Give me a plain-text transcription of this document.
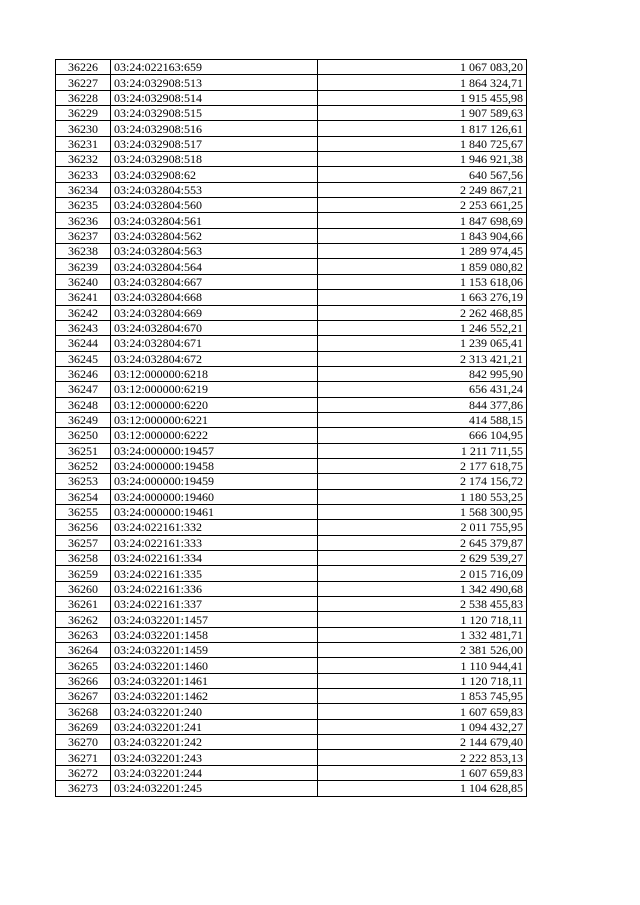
36226	03:24:022163:659	1 067 083,20
36227	03:24:032908:513	1 864 324,71
36228	03:24:032908:514	1 915 455,98
36229	03:24:032908:515	1 907 589,63
36230	03:24:032908:516	1 817 126,61
36231	03:24:032908:517	1 840 725,67
36232	03:24:032908:518	1 946 921,38
36233	03:24:032908:62	640 567,56
36234	03:24:032804:553	2 249 867,21
36235	03:24:032804:560	2 253 661,25
36236	03:24:032804:561	1 847 698,69
36237	03:24:032804:562	1 843 904,66
36238	03:24:032804:563	1 289 974,45
36239	03:24:032804:564	1 859 080,82
36240	03:24:032804:667	1 153 618,06
36241	03:24:032804:668	1 663 276,19
36242	03:24:032804:669	2 262 468,85
36243	03:24:032804:670	1 246 552,21
36244	03:24:032804:671	1 239 065,41
36245	03:24:032804:672	2 313 421,21
36246	03:12:000000:6218	842 995,90
36247	03:12:000000:6219	656 431,24
36248	03:12:000000:6220	844 377,86
36249	03:12:000000:6221	414 588,15
36250	03:12:000000:6222	666 104,95
36251	03:24:000000:19457	1 211 711,55
36252	03:24:000000:19458	2 177 618,75
36253	03:24:000000:19459	2 174 156,72
36254	03:24:000000:19460	1 180 553,25
36255	03:24:000000:19461	1 568 300,95
36256	03:24:022161:332	2 011 755,95
36257	03:24:022161:333	2 645 379,87
36258	03:24:022161:334	2 629 539,27
36259	03:24:022161:335	2 015 716,09
36260	03:24:022161:336	1 342 490,68
36261	03:24:022161:337	2 538 455,83
36262	03:24:032201:1457	1 120 718,11
36263	03:24:032201:1458	1 332 481,71
36264	03:24:032201:1459	2 381 526,00
36265	03:24:032201:1460	1 110 944,41
36266	03:24:032201:1461	1 120 718,11
36267	03:24:032201:1462	1 853 745,95
36268	03:24:032201:240	1 607 659,83
36269	03:24:032201:241	1 094 432,27
36270	03:24:032201:242	2 144 679,40
36271	03:24:032201:243	2 222 853,13
36272	03:24:032201:244	1 607 659,83
36273	03:24:032201:245	1 104 628,85
